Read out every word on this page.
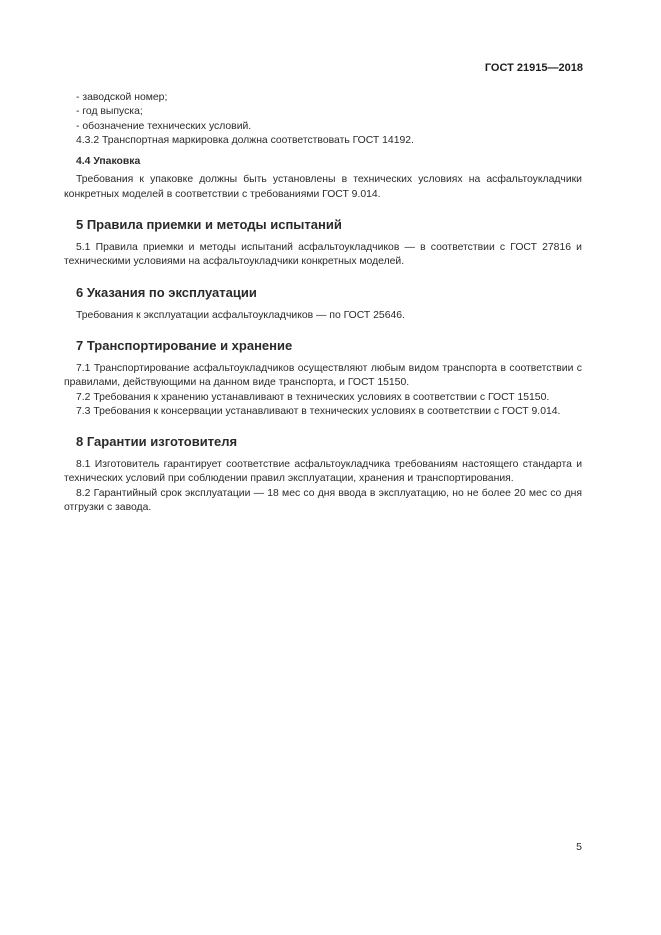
ГОСТ 21915—2018

- заводской номер;

- год выпуска;

- обозначение технических условий.

4.3.2 Транспортная маркировка должна соответствовать ГОСТ 14192.

4.4 Упаковка

Требования к упаковке должны быть установлены в технических условиях на асфальтоукладчики конкретных моделей в соответствии с требованиями ГОСТ 9.014.

5 Правила приемки и методы испытаний

5.1 Правила приемки и методы испытаний асфальтоукладчиков — в соответствии с ГОСТ 27816 и техническими условиями на асфальтоукладчики конкретных моделей.

6 Указания по эксплуатации

Требования к эксплуатации асфальтоукладчиков — по ГОСТ 25646.

7 Транспортирование и хранение

7.1 Транспортирование асфальтоукладчиков осуществляют любым видом транспорта в соответствии с правилами, действующими на данном виде транспорта, и ГОСТ 15150.

7.2 Требования к хранению устанавливают в технических условиях в соответствии с ГОСТ 15150.

7.3 Требования к консервации устанавливают в технических условиях в соответствии с ГОСТ 9.014.

8 Гарантии изготовителя

8.1 Изготовитель гарантирует соответствие асфальтоукладчика требованиям настоящего стандарта и технических условий при соблюдении правил эксплуатации, хранения и транспортирования.

8.2 Гарантийный срок эксплуатации — 18 мес со дня ввода в эксплуатацию, но не более 20 мес со дня отгрузки с завода.

5
